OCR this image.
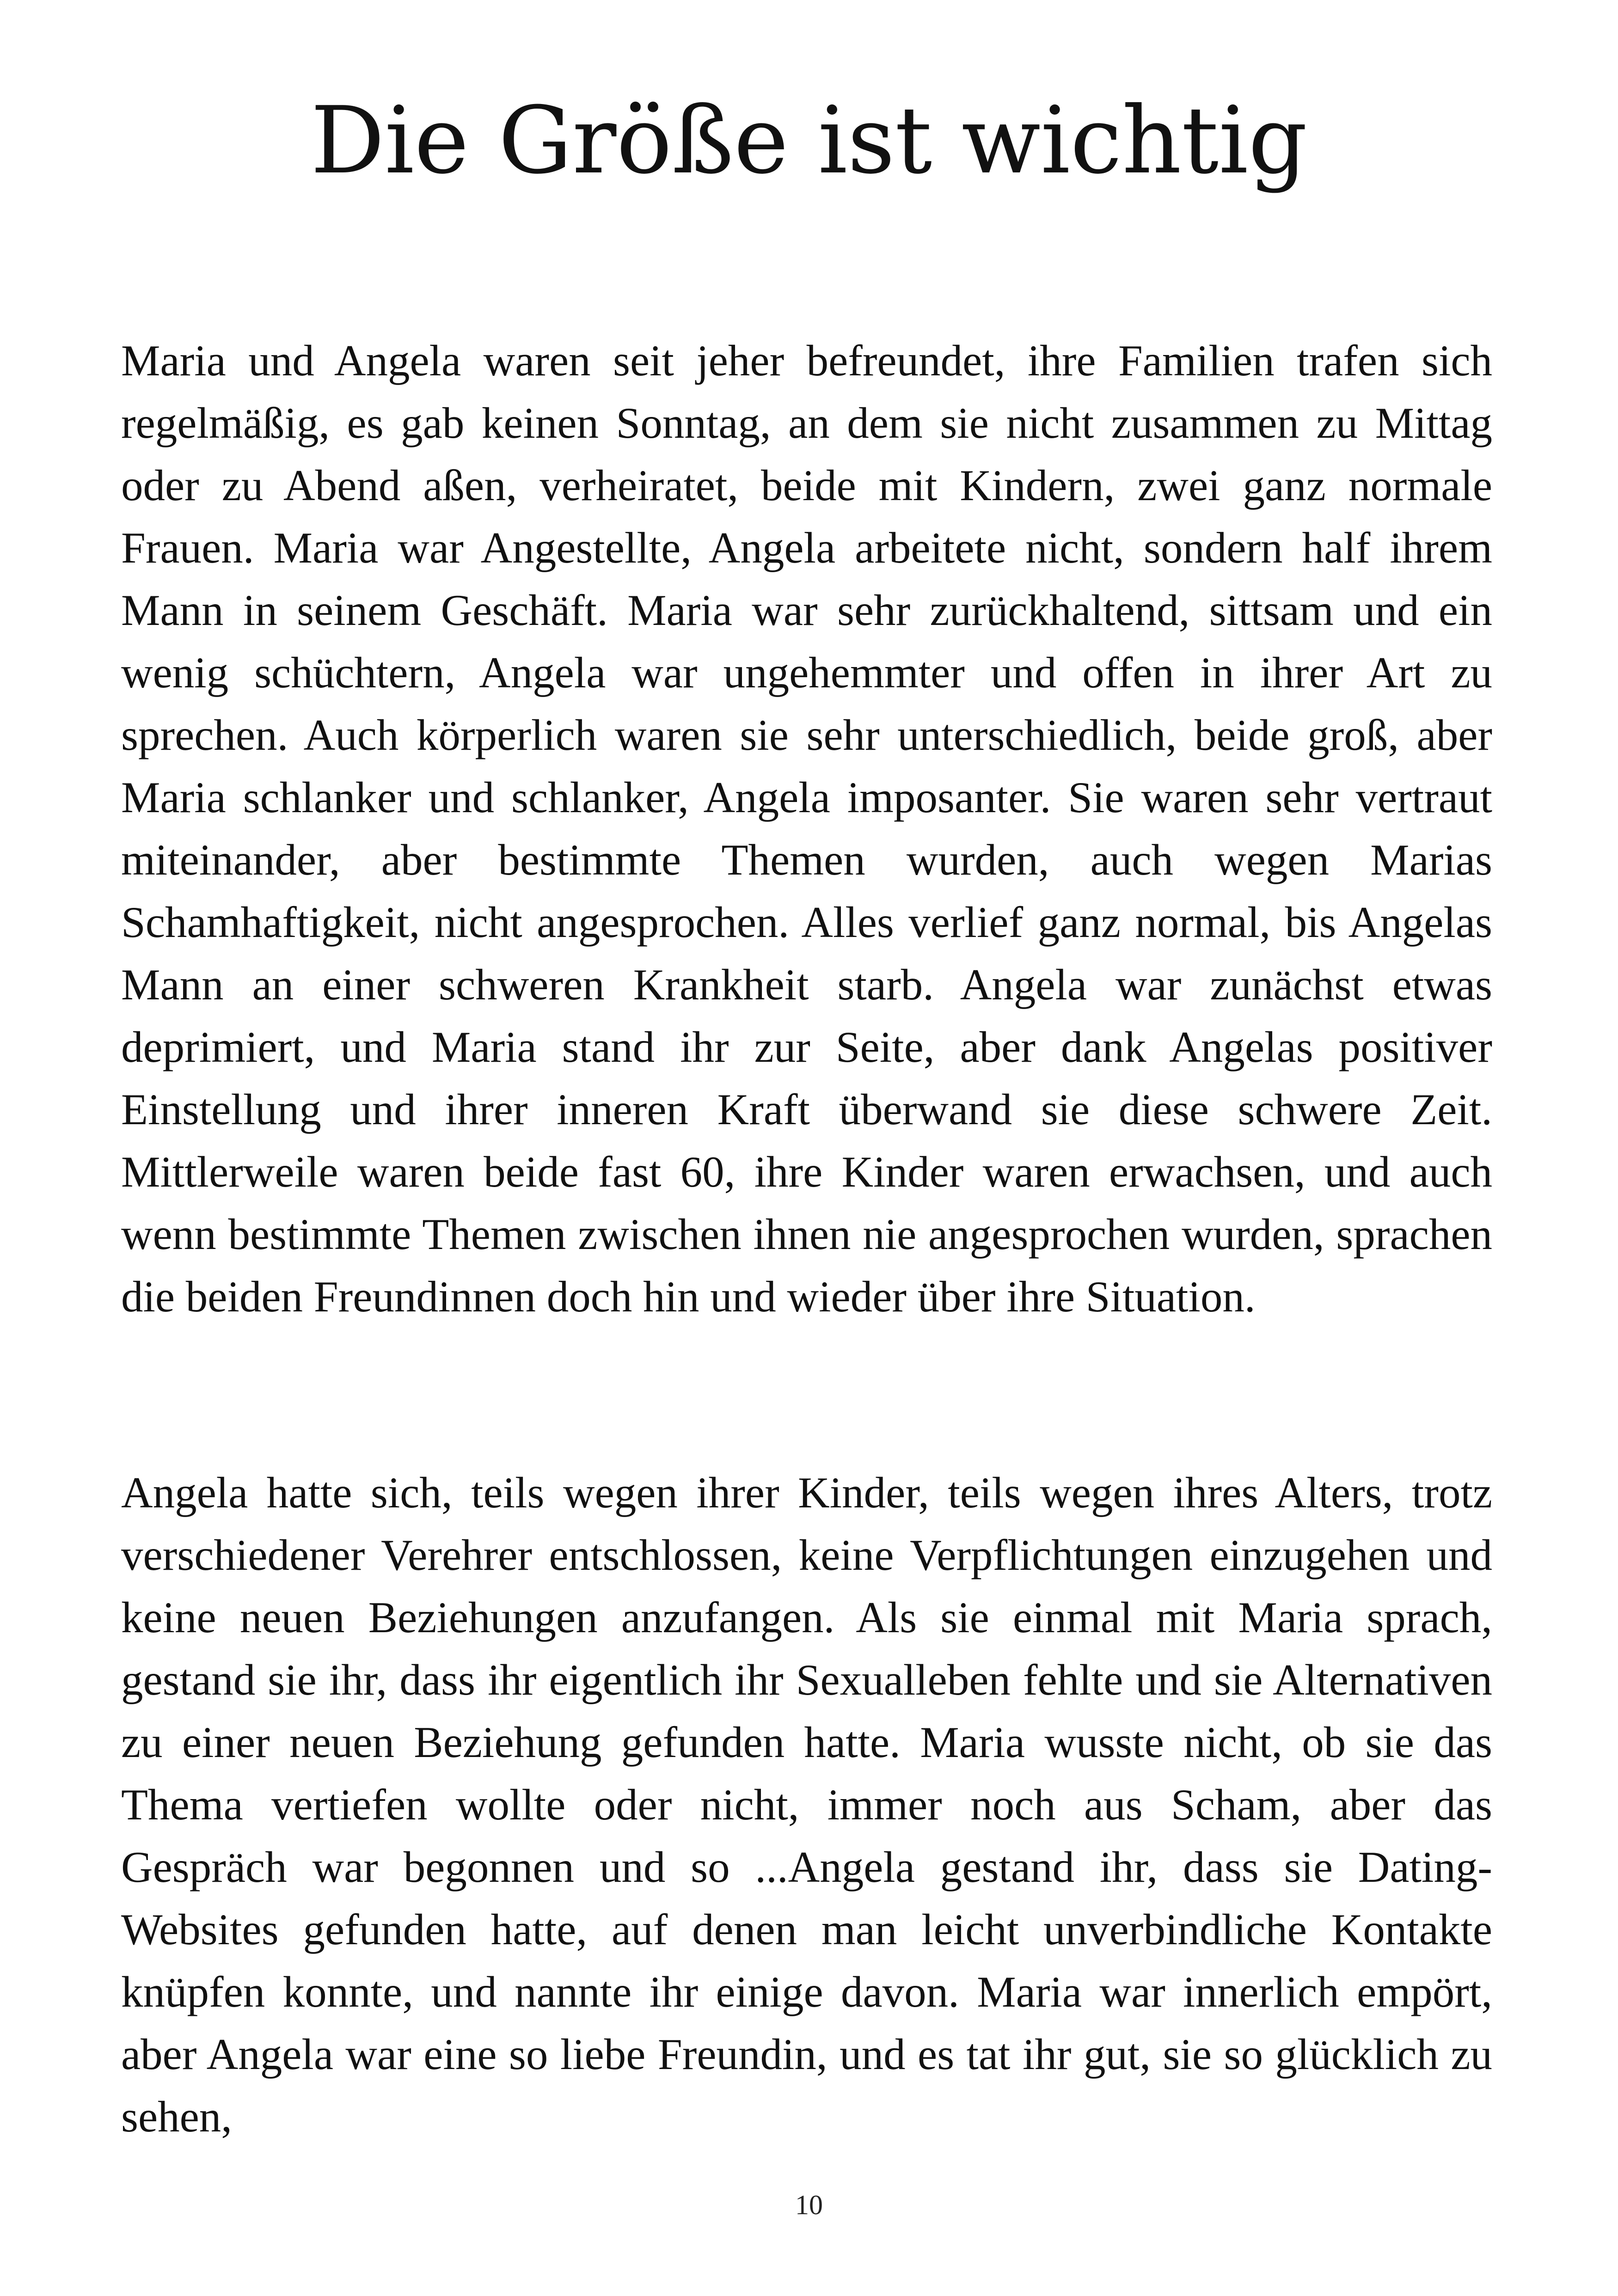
Die Größe ist wichtig

Maria und Angela waren seit jeher befreundet, ihre Familien trafen sich regelmäßig, es gab keinen Sonntag, an dem sie nicht zusammen zu Mittag oder zu Abend aßen, verheiratet, beide mit Kindern, zwei ganz normale Frauen. Maria war Angestellte, Angela arbeitete nicht, sondern half ihrem Mann in seinem Geschäft. Maria war sehr zurückhaltend, sittsam und ein wenig schüchtern, Angela war ungehemmter und offen in ihrer Art zu sprechen. Auch körperlich waren sie sehr unterschiedlich, beide groß, aber Maria schlanker und schlanker, Angela imposanter. Sie waren sehr vertraut miteinander, aber bestimmte Themen wurden, auch wegen Marias Schamhaftigkeit, nicht angesprochen. Alles verlief ganz normal, bis Angelas Mann an einer schweren Krankheit starb. Angela war zunächst etwas deprimiert, und Maria stand ihr zur Seite, aber dank Angelas positiver Einstellung und ihrer inneren Kraft überwand sie diese schwere Zeit. Mittlerweile waren beide fast 60, ihre Kinder waren erwachsen, und auch wenn bestimmte Themen zwischen ihnen nie angesprochen wurden, sprachen die beiden Freundinnen doch hin und wieder über ihre Situation.

Angela hatte sich, teils wegen ihrer Kinder, teils wegen ihres Alters, trotz verschiedener Verehrer entschlossen, keine Verpflichtungen einzugehen und keine neuen Beziehungen anzufangen. Als sie einmal mit Maria sprach, gestand sie ihr, dass ihr eigentlich ihr Sexualleben fehlte und sie Alternativen zu einer neuen Beziehung gefunden hatte. Maria wusste nicht, ob sie das Thema vertiefen wollte oder nicht, immer noch aus Scham, aber das Gespräch war begonnen und so ...Angela gestand ihr, dass sie Dating-Websites gefunden hatte, auf denen man leicht unverbindliche Kontakte knüpfen konnte, und nannte ihr einige davon. Maria war innerlich empört, aber Angela war eine so liebe Freundin, und es tat ihr gut, sie so glücklich zu sehen,

10
